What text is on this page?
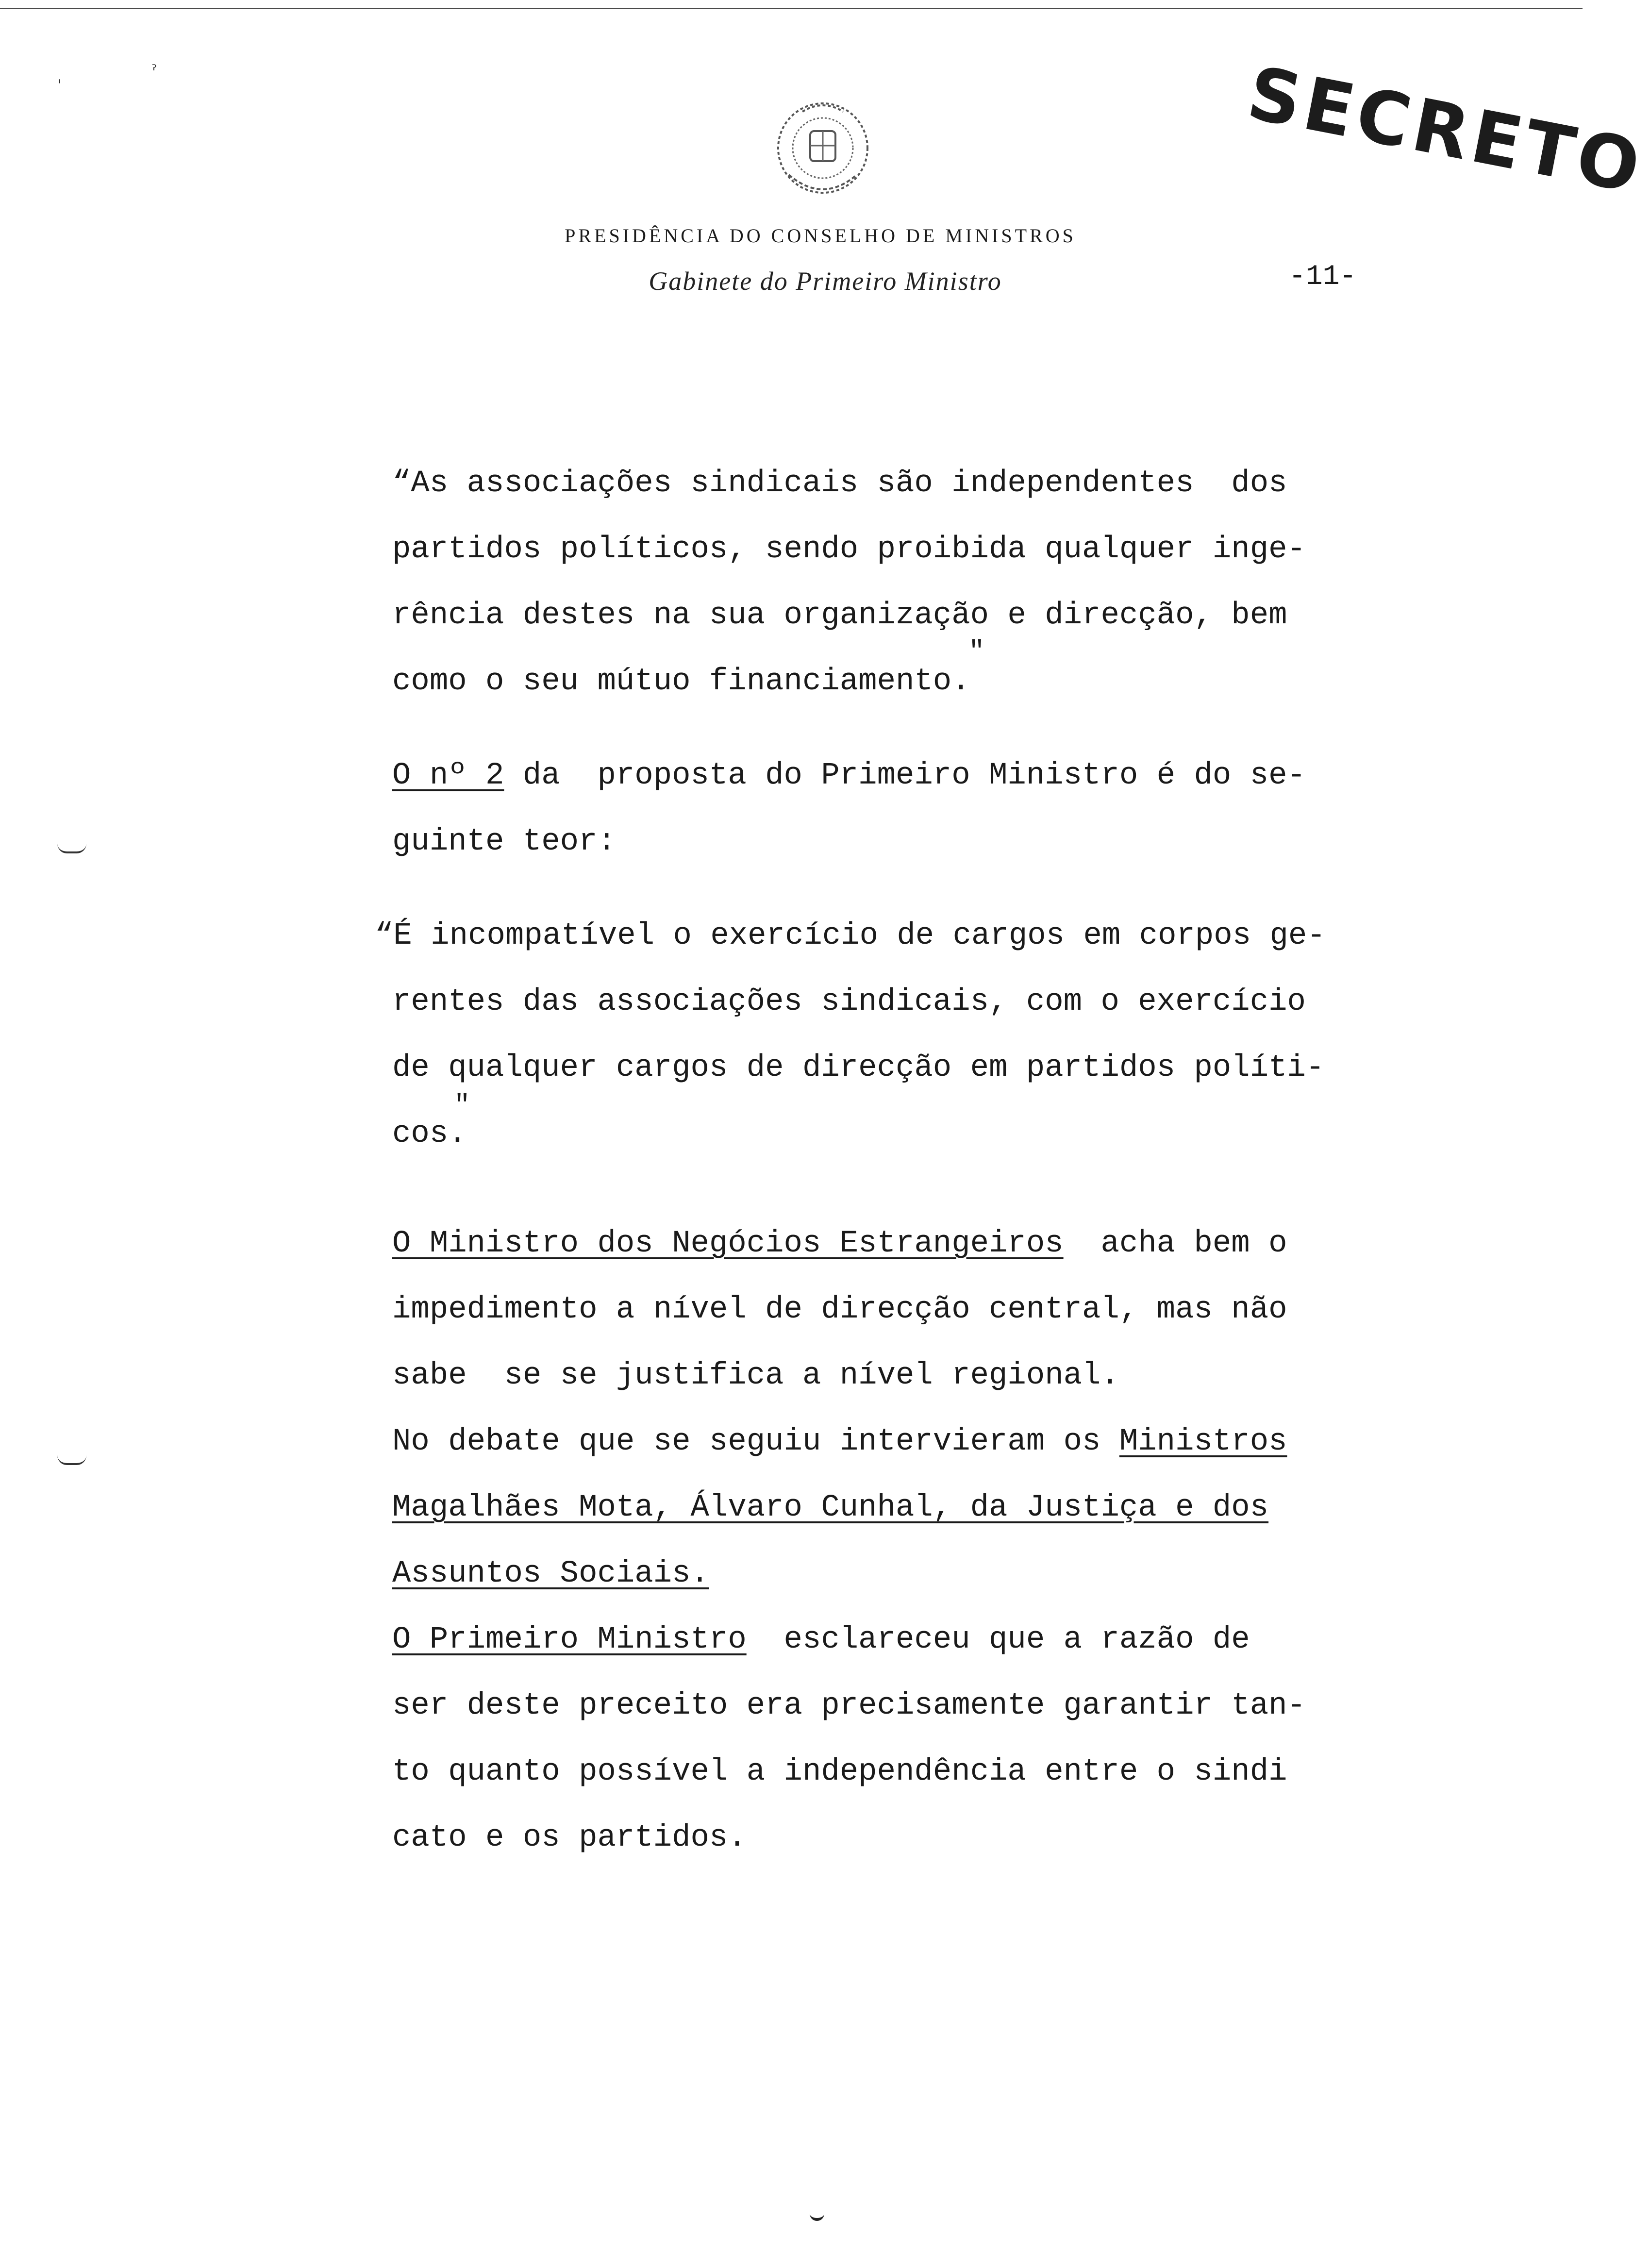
ˌ	ˀ
PRESIDÊNCIA DO CONSELHO DE MINISTROS
Gabinete do Primeiro Ministro	-11-
SECRETO
“As associações sindicais são independentes  dos
partidos políticos, sendo proibida qualquer inge-
rência destes na sua organização e direcção, bem
como o seu mútuo financiamento.
"
O nº 2 da  proposta do Primeiro Ministro é do se-
guinte teor:
“É incompatível o exercício de cargos em corpos ge-
rentes das associações sindicais, com o exercício
de qualquer cargos de direcção em partidos políti-
cos.
"
O Ministro dos Negócios Estrangeiros  acha bem o
impedimento a nível de direcção central, mas não
sabe  se se justifica a nível regional.
No debate que se seguiu intervieram os Ministros
Magalhães Mota, Álvaro Cunhal, da Justiça e dos
Assuntos Sociais.
O Primeiro Ministro  esclareceu que a razão de
ser deste preceito era precisamente garantir tan-
to quanto possível a independência entre o sindi
cato e os partidos.
